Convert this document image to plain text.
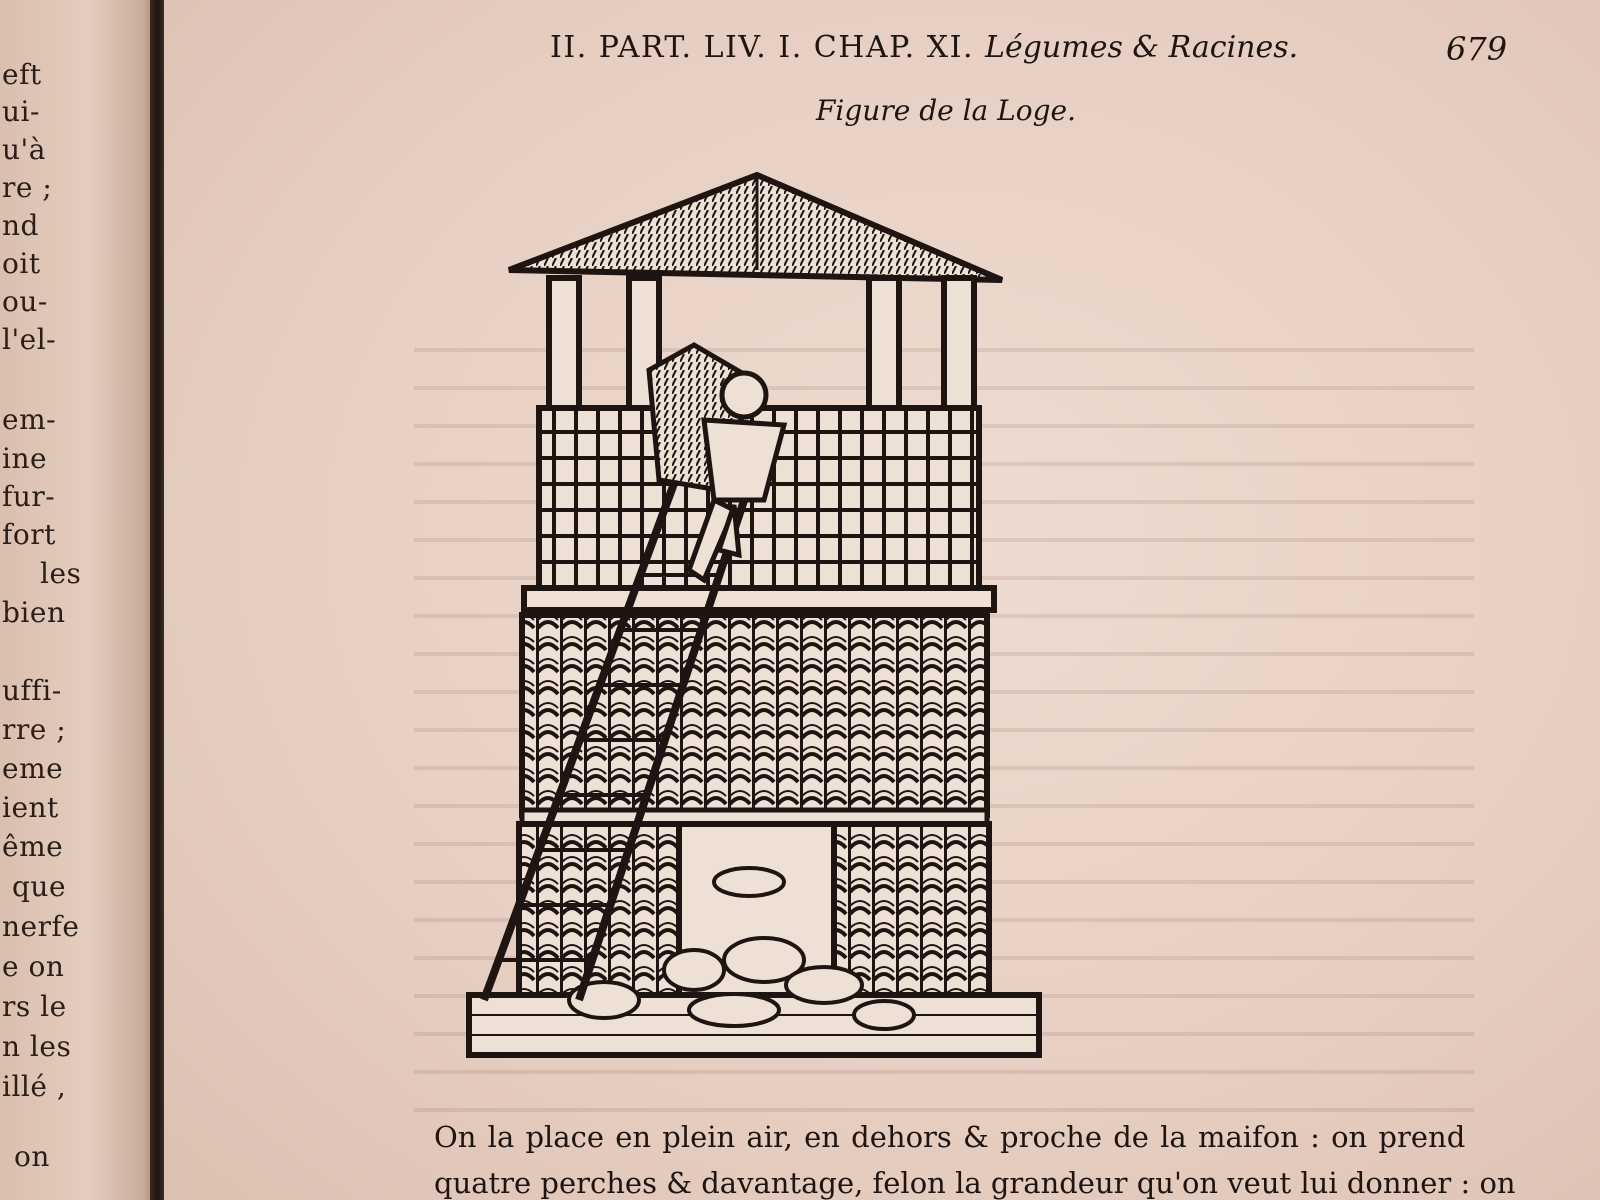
eft
ui-
u'à
re ;
nd
oit
ou-
l'el-
em-
ine
fur-
fort
les
bien
uffi-
rre ;
eme
ient
ême
que
nerfe
e on
rs le
n les
illé ,
on
II. PART. LIV. I. CHAP. XI. Légumes & Racines.	679
Figure de la Loge.
On la place en plein air, en dehors & proche de la maifon : on prend
quatre perches & davantage, felon la grandeur qu'on veut lui donner : on
